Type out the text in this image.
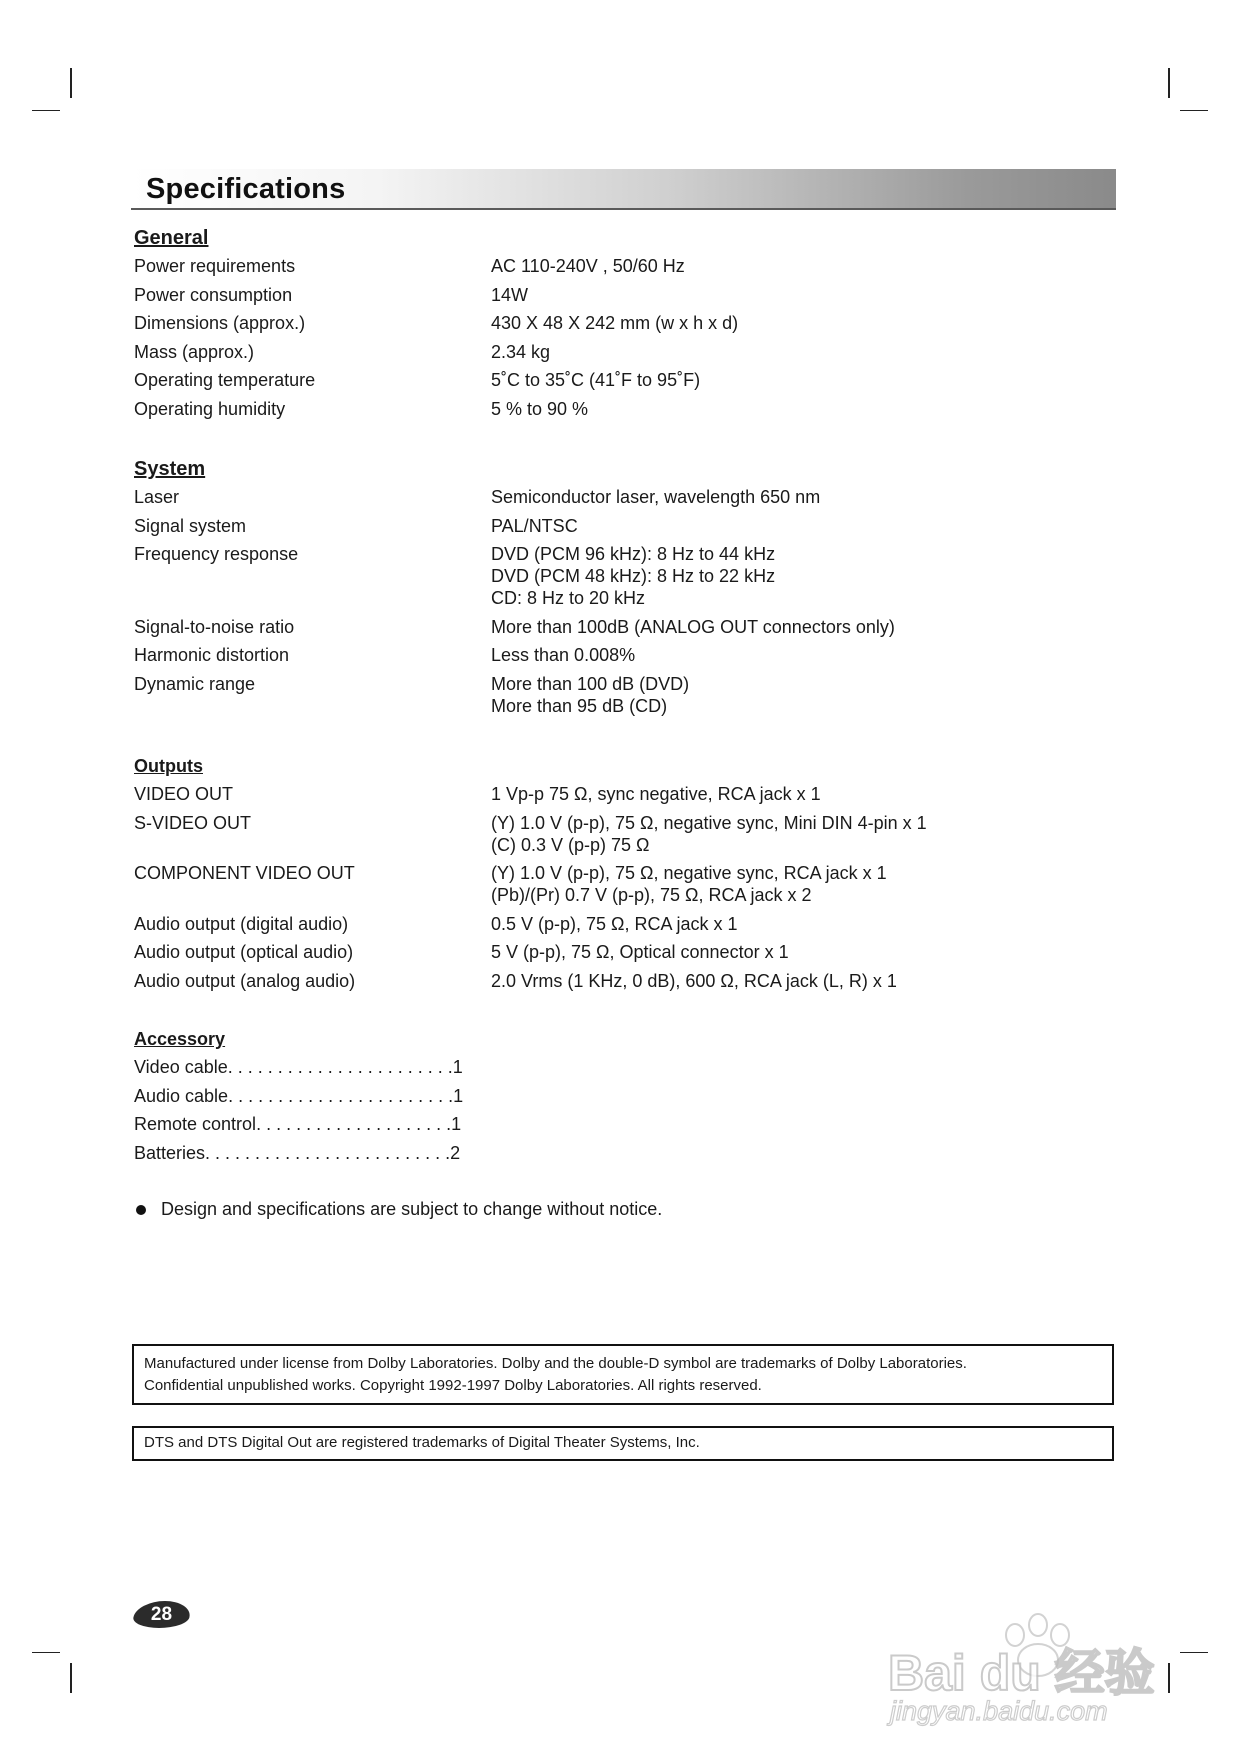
Specifications
General
Power requirements	AC 110-240V , 50/60 Hz
Power consumption	14W
Dimensions (approx.)	430 X 48 X 242 mm (w x h x d)
Mass (approx.)	2.34 kg
Operating temperature	5˚C to 35˚C (41˚F to 95˚F)
Operating humidity	5 % to 90 %
System
Laser	Semiconductor laser, wavelength 650 nm
Signal system	PAL/NTSC
Frequency response	DVD (PCM 96 kHz): 8 Hz to 44 kHz
DVD (PCM 48 kHz): 8 Hz to 22 kHz
CD: 8 Hz to 20 kHz
Signal-to-noise ratio	More than 100dB (ANALOG OUT connectors only)
Harmonic distortion	Less than 0.008%
Dynamic range	More than 100 dB (DVD)
More than 95 dB (CD)
Outputs
VIDEO OUT	1 Vp-p 75 Ω, sync negative, RCA jack x 1
S-VIDEO OUT	(Y) 1.0 V (p-p), 75 Ω, negative sync, Mini DIN 4-pin x 1
(C) 0.3 V (p-p) 75 Ω
COMPONENT VIDEO OUT	(Y) 1.0 V (p-p), 75 Ω, negative sync, RCA jack x 1
(Pb)/(Pr) 0.7 V (p-p), 75 Ω, RCA jack x 2
Audio output (digital audio)	0.5 V (p-p), 75 Ω, RCA jack x 1
Audio output (optical audio)	5 V (p-p), 75 Ω, Optical connector x 1
Audio output (analog audio)	2.0 Vrms (1 KHz, 0 dB), 600 Ω, RCA jack (L, R) x 1
Accessory
Video cable . . . . . . . . . . . . . . . . . . . . . . . 1
Audio cable . . . . . . . . . . . . . . . . . . . . . . . 1
Remote control . . . . . . . . . . . . . . . . . . . . 1
Batteries . . . . . . . . . . . . . . . . . . . . . . . . . 2
Design and specifications are subject to change without notice.
Manufactured under license from Dolby Laboratories. Dolby and the double-D symbol are trademarks of Dolby Laboratories.
Confidential unpublished works. Copyright 1992-1997 Dolby Laboratories. All rights reserved.
DTS and DTS Digital Out are registered trademarks of Digital Theater Systems, Inc.
28
Bai du 经验
jingyan.baidu.com
